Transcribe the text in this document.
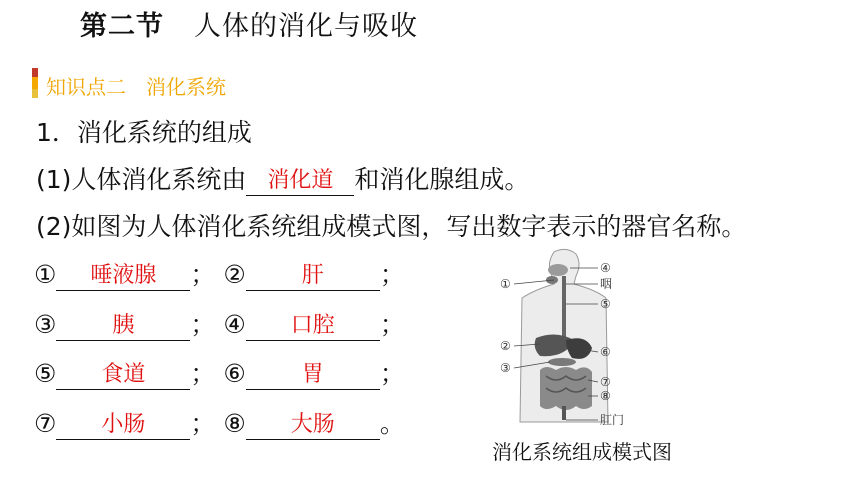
第二节 人体的消化与吸收
知识点二　消化系统
1．消化系统的组成
(1)人体消化系统由 消化道 和消化腺组成。
(2)如图为人体消化系统组成模式图，写出数字表示的器官名称。
①	唾液腺	； ②	肝	；
③	胰	； ④	口腔	；
⑤	食道	； ⑥	胃	；
⑦	小肠	； ⑧	大肠	。
①
②
③
④
咽
⑤
⑥
⑦
⑧
肛门
消化系统组成模式图
